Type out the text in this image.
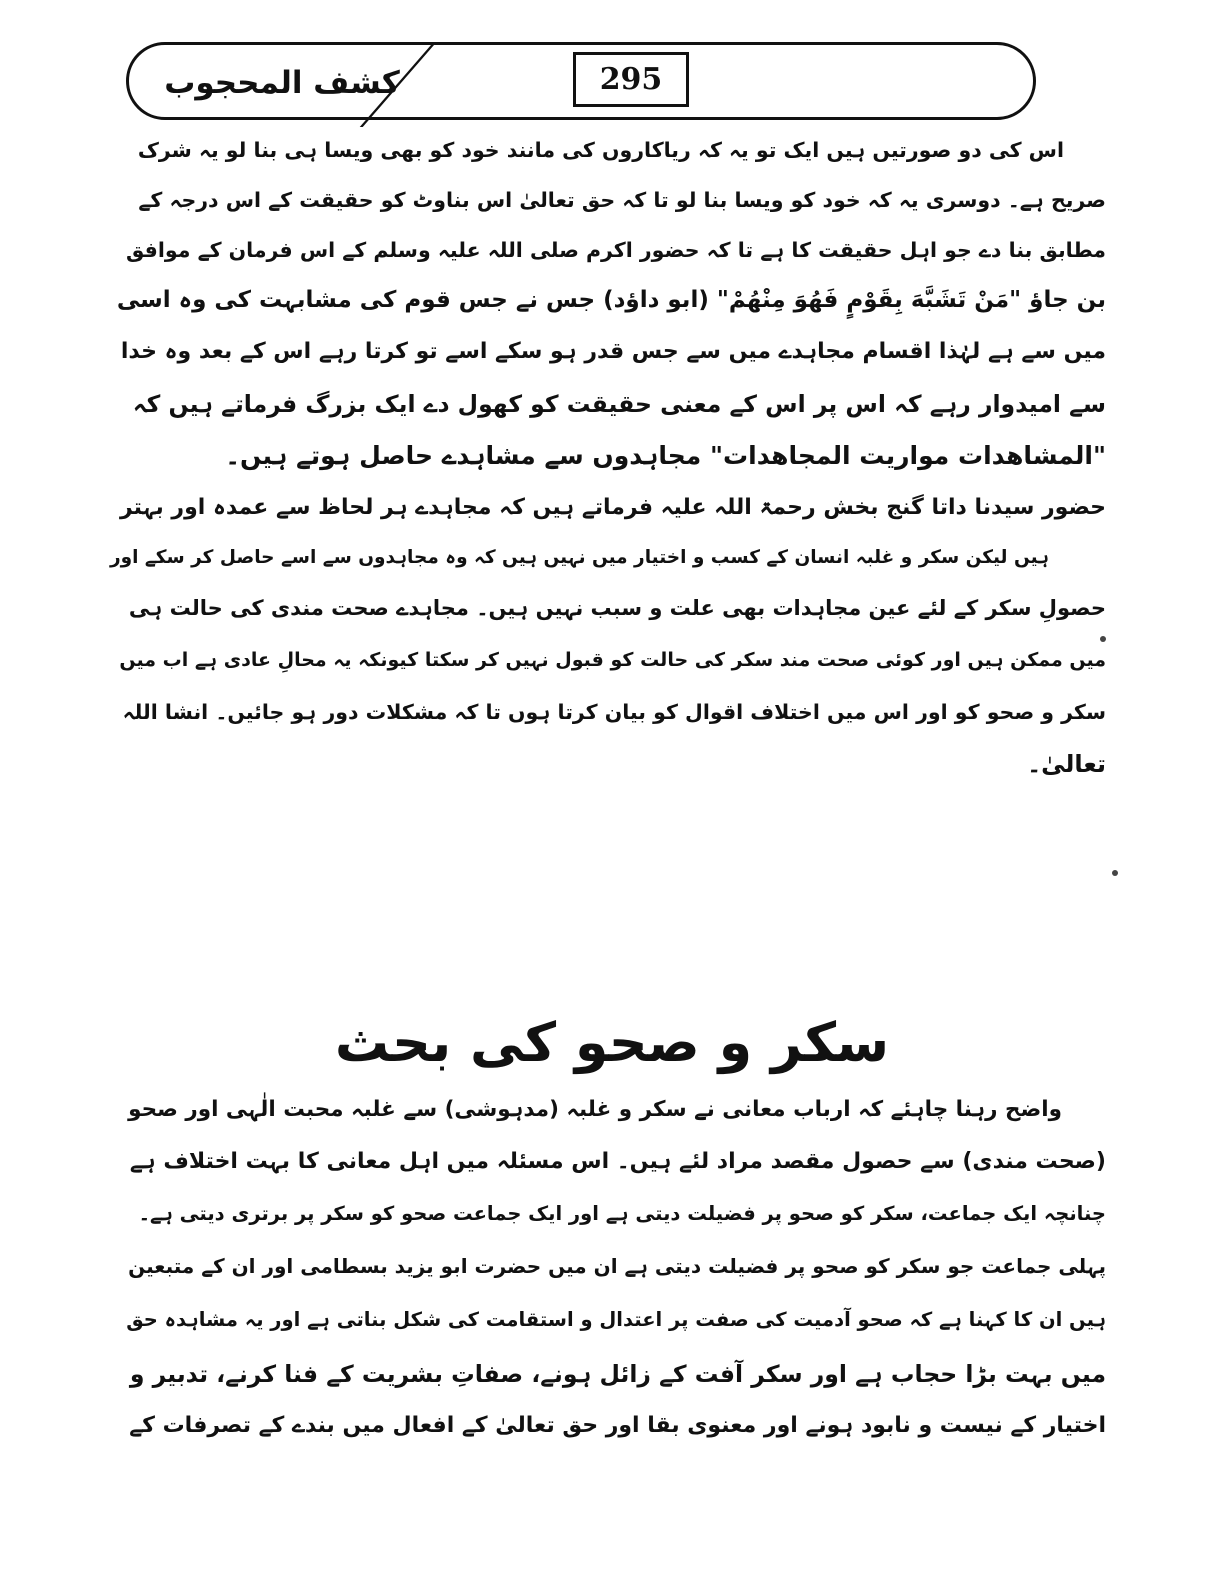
295
کشف المحجوب
اس کی دو صورتیں ہیں ایک تو یہ کہ ریاکاروں کی مانند خود کو بھی ویسا ہی بنا لو یہ شرک
صریح ہے۔ دوسری یہ کہ خود کو ویسا بنا لو تا کہ حق تعالیٰ اس بناوٹ کو حقیقت کے اس درجہ کے
مطابق بنا دے جو اہل حقیقت کا ہے تا کہ حضور اکرم صلی اللہ علیہ وسلم کے اس فرمان کے موافق
بن جاؤ "مَنْ تَشَبَّهَ بِقَوْمٍ فَهُوَ مِنْهُمْ" (ابو داؤد) جس نے جس قوم کی مشابہت کی وہ اسی
میں سے ہے لہٰذا اقسام مجاہدے میں سے جس قدر ہو سکے اسے تو کرتا رہے اس کے بعد وہ خدا
سے امیدوار رہے کہ اس پر اس کے معنی حقیقت کو کھول دے ایک بزرگ فرماتے ہیں کہ
"المشاھدات مواریت المجاھدات" مجاہدوں سے مشاہدے حاصل ہوتے ہیں۔
حضور سیدنا داتا گنج بخش رحمۃ اللہ علیہ فرماتے ہیں کہ مجاہدے ہر لحاظ سے عمدہ اور بہتر
ہیں لیکن سکر و غلبہ انسان کے کسب و اختیار میں نہیں ہیں کہ وہ مجاہدوں سے اسے حاصل کر سکے اور
حصولِ سکر کے لئے عین مجاہدات بھی علت و سبب نہیں ہیں۔ مجاہدے صحت مندی کی حالت ہی
میں ممکن ہیں اور کوئی صحت مند سکر کی حالت کو قبول نہیں کر سکتا کیونکہ یہ محالِ عادی ہے اب میں
سکر و صحو کو اور اس میں اختلاف اقوال کو بیان کرتا ہوں تا کہ مشکلات دور ہو جائیں۔ انشا اللہ
تعالیٰ۔
سکر و صحو کی بحث
واضح رہنا چاہئے کہ ارباب معانی نے سکر و غلبہ (مدہوشی) سے غلبہ محبت الٰہی اور صحو
(صحت مندی) سے حصول مقصد مراد لئے ہیں۔ اس مسئلہ میں اہل معانی کا بہت اختلاف ہے
چنانچہ ایک جماعت، سکر کو صحو پر فضیلت دیتی ہے اور ایک جماعت صحو کو سکر پر برتری دیتی ہے۔
پہلی جماعت جو سکر کو صحو پر فضیلت دیتی ہے ان میں حضرت ابو یزید بسطامی اور ان کے متبعین
ہیں ان کا کہنا ہے کہ صحو آدمیت کی صفت پر اعتدال و استقامت کی شکل بناتی ہے اور یہ مشاہدہ حق
میں بہت بڑا حجاب ہے اور سکر آفت کے زائل ہونے، صفاتِ بشریت کے فنا کرنے، تدبیر و
اختیار کے نیست و نابود ہونے اور معنوی بقا اور حق تعالیٰ کے افعال میں بندے کے تصرفات کے
